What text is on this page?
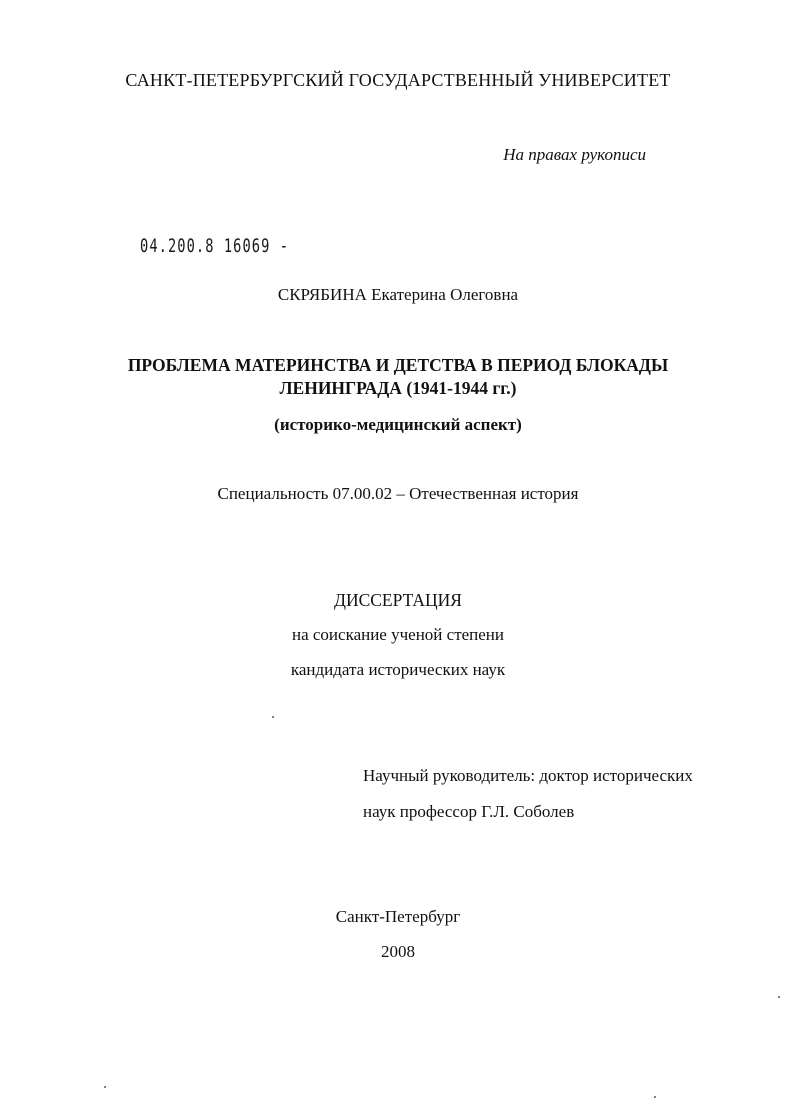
САНКТ-ПЕТЕРБУРГСКИЙ ГОСУДАРСТВЕННЫЙ УНИВЕРСИТЕТ
На правах рукописи
04.200.8 16069 -
СКРЯБИНА Екатерина Олеговна
ПРОБЛЕМА МАТЕРИНСТВА И ДЕТСТВА В ПЕРИОД БЛОКАДЫ
ЛЕНИНГРАДА (1941-1944 гг.)
(историко-медицинский аспект)
Специальность 07.00.02 – Отечественная история
ДИССЕРТАЦИЯ
на соискание ученой степени
кандидата исторических наук
Научный руководитель: доктор исторических
наук профессор Г.Л. Соболев
Санкт-Петербург
2008
